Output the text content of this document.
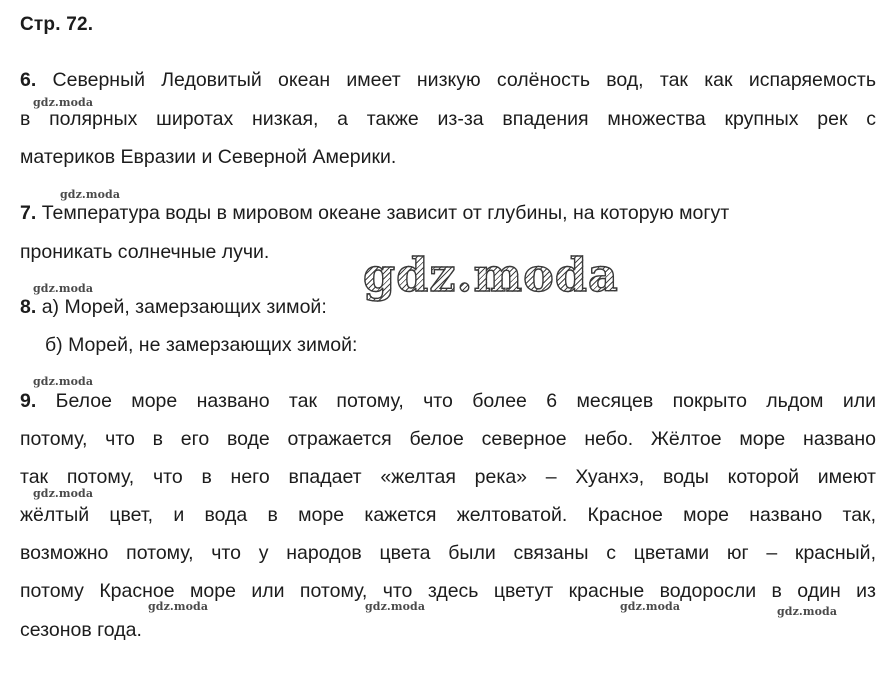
Стр. 72.
6. Северный Ледовитый океан имеет низкую солёность вод, так как испаряемость
в полярных широтах низкая, а также из-за впадения множества крупных рек с
материков Евразии и Северной Америки.
7. Температура воды в мировом океане зависит от глубины, на которую могут
проникать солнечные лучи.
8. а) Морей, замерзающих зимой:
б) Морей, не замерзающих зимой:
9. Белое море названо так потому, что более 6 месяцев покрыто льдом или
потому, что в его воде отражается белое северное небо. Жёлтое море названо
так потому, что в него впадает «желтая река» – Хуанхэ, воды которой имеют
жёлтый цвет, и вода в море кажется желтоватой. Красное море названо так,
возможно потому, что у народов цвета были связаны с цветами юг – красный,
потому Красное море или потому, что здесь цветут красные водоросли в один из
сезонов года.
gdz.moda
gdz.moda
gdz.moda
gdz.moda
gdz.moda
gdz.moda
gdz.moda	gdz.moda	gdz.moda	gdz.moda
